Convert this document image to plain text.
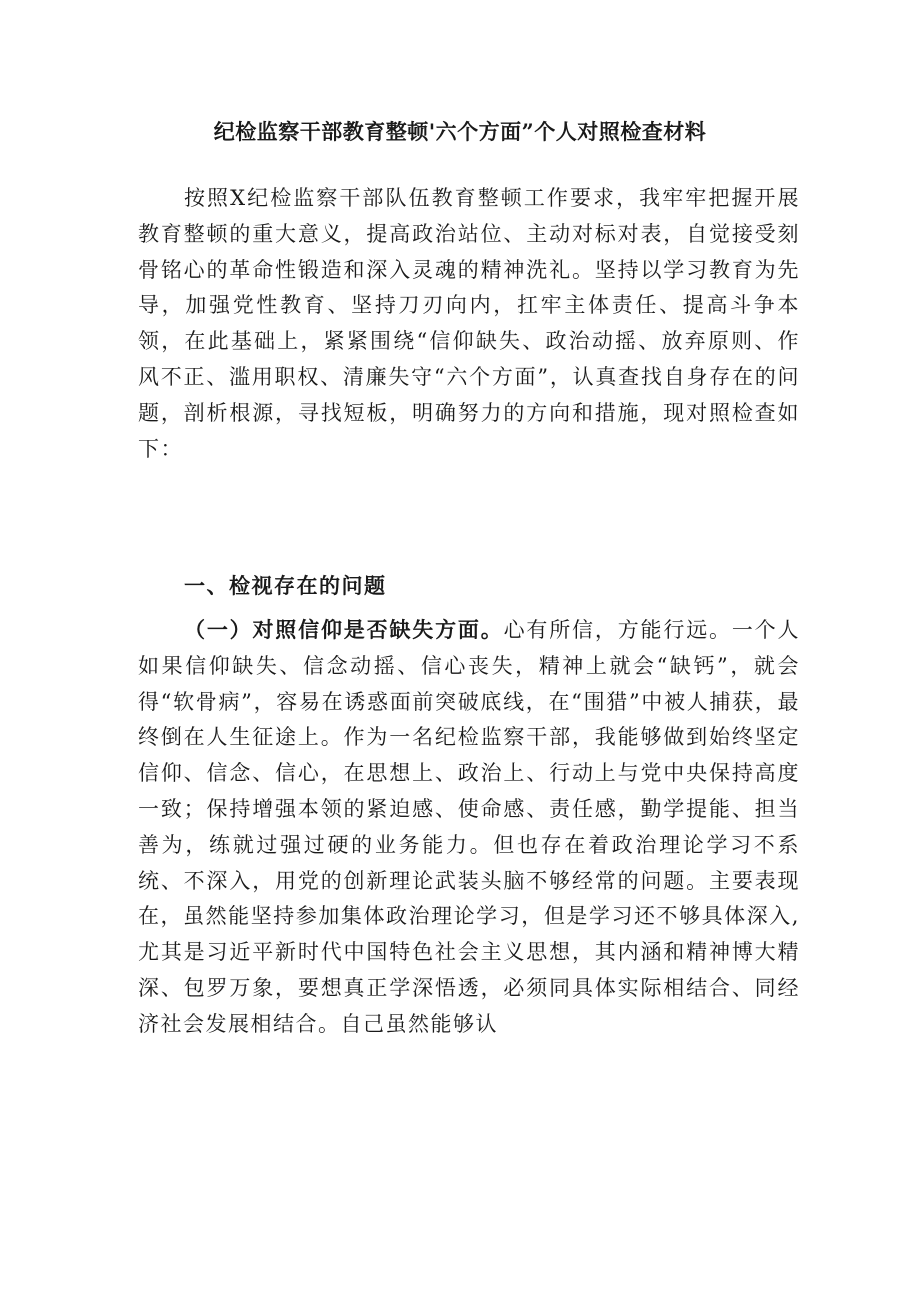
纪检监察干部教育整顿'六个方面”个人对照检查材料

按照X纪检监察干部队伍教育整顿工作要求，我牢牢把握开展教育整顿的重大意义，提高政治站位、主动对标对表，自觉接受刻骨铭心的革命性锻造和深入灵魂的精神洗礼。坚持以学习教育为先导，加强党性教育、坚持刀刃向内，扛牢主体责任、提高斗争本领，在此基础上，紧紧围绕“信仰缺失、政治动摇、放弃原则、作风不正、滥用职权、清廉失守“六个方面”，认真查找自身存在的问题，剖析根源，寻找短板，明确努力的方向和措施，现对照检查如下：

一、检视存在的问题

（一）对照信仰是否缺失方面。心有所信，方能行远。一个人如果信仰缺失、信念动摇、信心丧失，精神上就会“缺钙”，就会得“软骨病”，容易在诱惑面前突破底线，在“围猎”中被人捕获，最终倒在人生征途上。作为一名纪检监察干部，我能够做到始终坚定信仰、信念、信心，在思想上、政治上、行动上与党中央保持高度一致；保持增强本领的紧迫感、使命感、责任感，勤学提能、担当善为，练就过强过硬的业务能力。但也存在着政治理论学习不系统、不深入，用党的创新理论武装头脑不够经常的问题。主要表现在，虽然能坚持参加集体政治理论学习，但是学习还不够具体深入,尤其是习近平新时代中国特色社会主义思想，其内涵和精神博大精深、包罗万象，要想真正学深悟透，必须同具体实际相结合、同经济社会发展相结合。自己虽然能够认
